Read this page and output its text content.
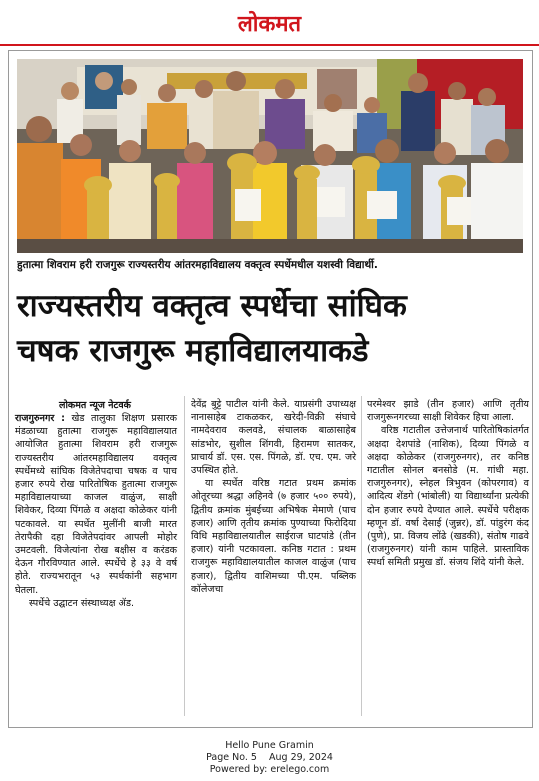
लोकमत
हुतात्मा शिवराम हरी राजगुरू राज्यस्तरीय आंतरमहाविद्यालय वक्तृत्व स्पर्धेमधील यशस्वी विद्यार्थी.
राज्यस्तरीय वक्तृत्व स्पर्धेचा सांघिक
चषक राजगुरू महाविद्यालयाकडे
लोकमत न्यूज नेटवर्क

राजगुरुनगर : खेड तालुका शिक्षण प्रसारक मंडळाच्या हुतात्मा राजगुरू महाविद्यालयात आयोजित हुतात्मा शिवराम हरी राजगुरू राज्यस्तरीय आंतरमहाविद्यालय वक्तृत्व स्पर्धेमध्ये सांघिक विजेतेपदाचा चषक व पाच हजार रुपये रोख पारितोषिक हुतात्मा राजगुरू महाविद्यालयाच्या काजल वाळुंज, साक्षी शिवेकर, दिव्या पिंगळे व अक्षदा कोळेकर यांनी पटकावले. या स्पर्धेत मुलींनी बाजी मारत तेरापैकी दहा विजेतेपदांवर आपली मोहोर उमटवली. विजेत्यांना रोख बक्षीस व करंडक देऊन गौरविण्यात आले. स्पर्धेचे हे ३३ वे वर्ष होते. राज्यभरातून ५३ स्पर्धकांनी सहभाग घेतला.

स्पर्धेचे उद्घाटन संस्थाध्यक्ष ॲड.

देवेंद्र बुट्टे पाटील यांनी केले. याप्रसंगी उपाध्यक्ष नानासाहेब टाकळकर, खरेदी-विक्री संघाचे नामदेवराव कलवडे, संचालक बाळासाहेब सांडभोर, सुशील शिंगवी, हिरामण सातकर, प्राचार्य डॉ. एस. एस. पिंगळे, डॉ. एच. एम. जरे उपस्थित होते.

या स्पर्धेत वरिष्ठ गटात प्रथम क्रमांक ओतूरच्या श्रद्धा अहिनवे (७ हजार ५०० रुपये), द्वितीय क्रमांक मुंबईच्या अभिषेक मेमाणे (पाच हजार) आणि तृतीय क्रमांक पुण्याच्या फिरोदिया विधि महाविद्यालयातील साईराज घाटपांडे (तीन हजार) यांनी पटकावला. कनिष्ठ गटात : प्रथम राजगुरू महाविद्यालयातील काजल वाळुंज (पाच हजार), द्वितीय वाशिमच्या पी.एम. पब्लिक कॉलेजचा

परमेश्वर झाडे (तीन हजार) आणि तृतीय राजगुरूनगरच्या साक्षी शिवेकर हिचा आला.

वरिष्ठ गटातील उत्तेजनार्थ पारितोषिकांतर्गत अक्षदा देशपांडे (नाशिक), दिव्या पिंगळे व अक्षदा कोळेकर (राजगुरुनगर), तर कनिष्ठ गटातील सोनल बनसोडे (म. गांधी महा. राजगुरुनगर), स्नेहल त्रिभुवन (कोपरगाव) व आदित्य शेंडगे (भांबोली) या विद्यार्थ्यांना प्रत्येकी दोन हजार रुपये देण्यात आले. स्पर्धेचे परीक्षक म्हणून डॉ. वर्षा देसाई (जुन्नर), डॉ. पांडुरंग कंद (पुणे), प्रा. विजय लोंढे (खडकी), संतोष गाढवे (राजगुरुनगर) यांनी काम पाहिले. प्रास्ताविक स्पर्धा समिती प्रमुख डॉ. संजय शिंदे यांनी केले.

Hello Pune Gramin
Page No. 5    Aug 29, 2024
Powered by: erelego.com
